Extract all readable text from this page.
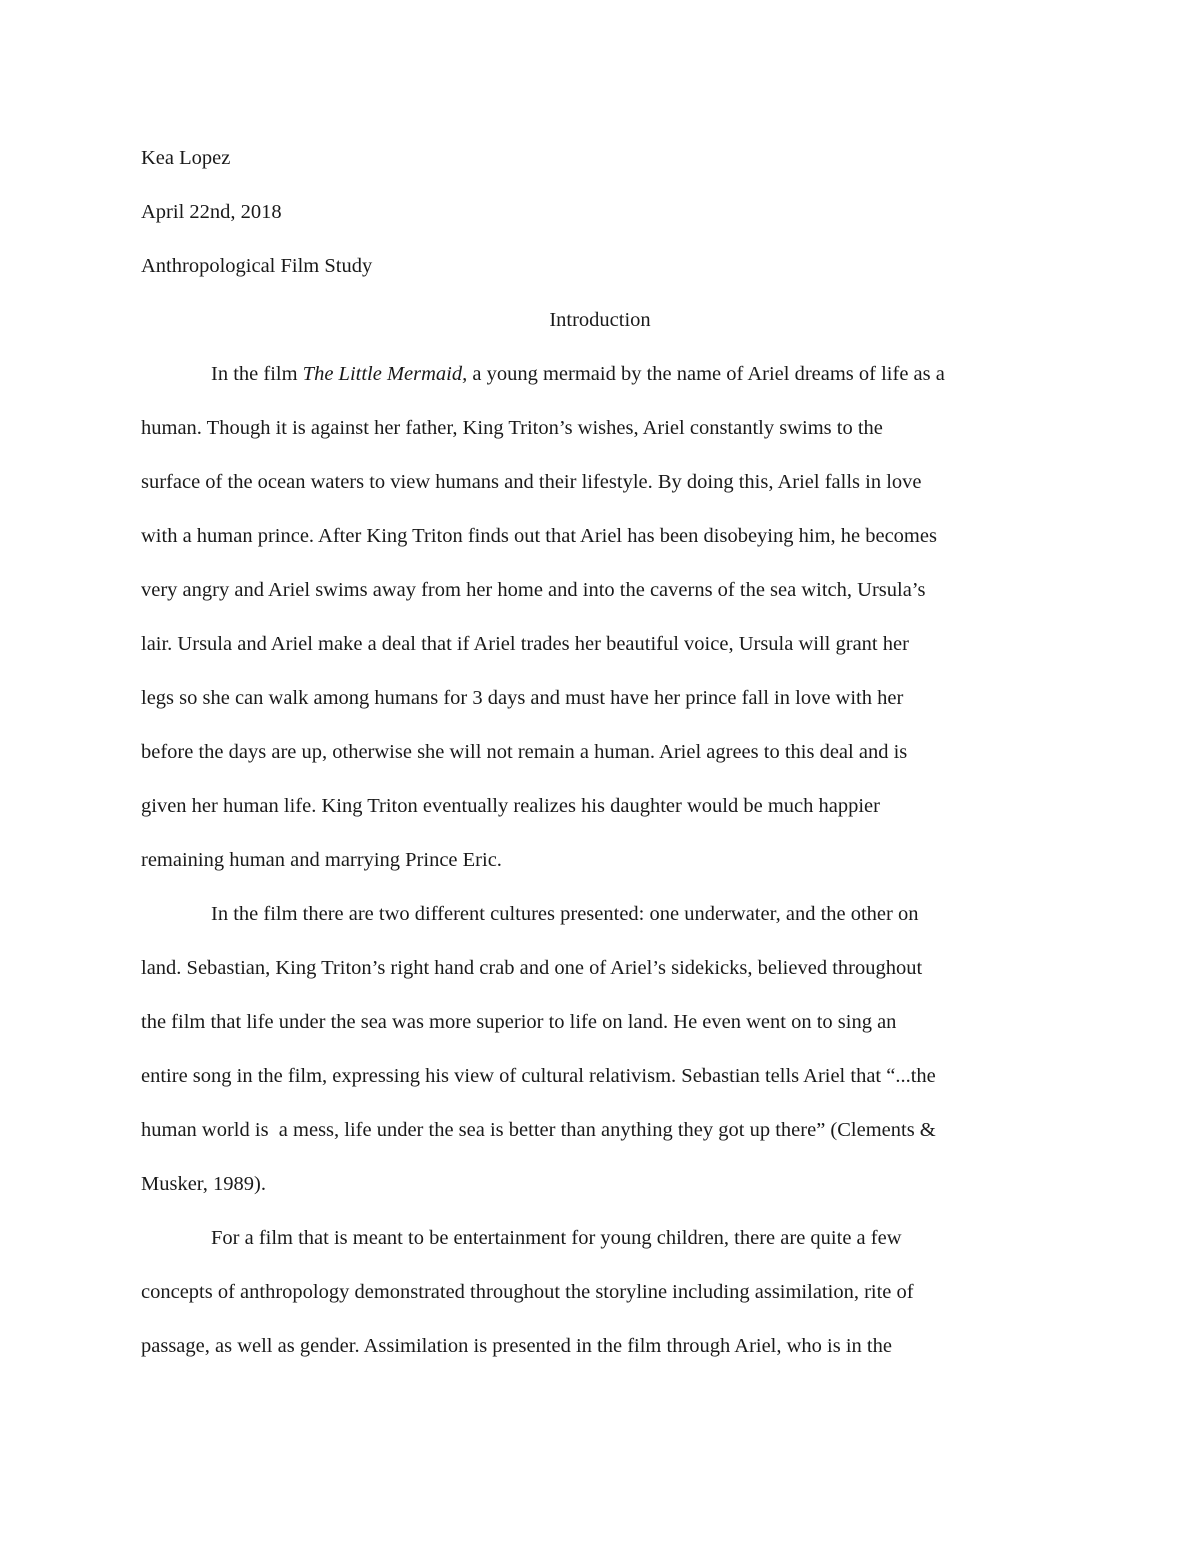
Kea Lopez
April 22nd, 2018
Anthropological Film Study
Introduction
In the film The Little Mermaid, a young mermaid by the name of Ariel dreams of life as a
human. Though it is against her father, King Triton’s wishes, Ariel constantly swims to the
surface of the ocean waters to view humans and their lifestyle. By doing this, Ariel falls in love
with a human prince. After King Triton finds out that Ariel has been disobeying him, he becomes
very angry and Ariel swims away from her home and into the caverns of the sea witch, Ursula’s
lair. Ursula and Ariel make a deal that if Ariel trades her beautiful voice, Ursula will grant her
legs so she can walk among humans for 3 days and must have her prince fall in love with her
before the days are up, otherwise she will not remain a human. Ariel agrees to this deal and is
given her human life. King Triton eventually realizes his daughter would be much happier
remaining human and marrying Prince Eric.
In the film there are two different cultures presented: one underwater, and the other on
land. Sebastian, King Triton’s right hand crab and one of Ariel’s sidekicks, believed throughout
the film that life under the sea was more superior to life on land. He even went on to sing an
entire song in the film, expressing his view of cultural relativism. Sebastian tells Ariel that “...the
human world is  a mess, life under the sea is better than anything they got up there” (Clements &
Musker, 1989).
For a film that is meant to be entertainment for young children, there are quite a few
concepts of anthropology demonstrated throughout the storyline including assimilation, rite of
passage, as well as gender. Assimilation is presented in the film through Ariel, who is in the
